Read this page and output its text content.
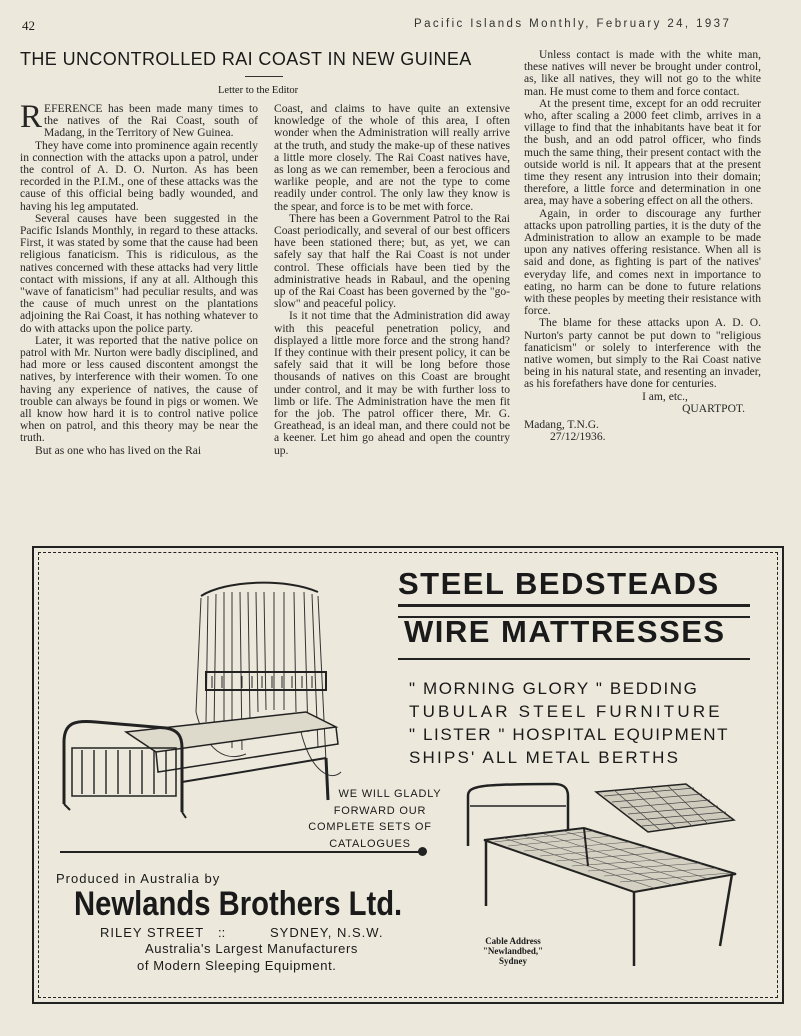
42	Pacific Islands Monthly, February 24, 1937
THE UNCONTROLLED RAI COAST IN NEW GUINEA
Letter to the Editor

REFERENCE has been made many times to the natives of the Rai Coast, south of Madang, in the Territory of New Guinea.

They have come into prominence again recently in connection with the attacks upon a patrol, under the control of A. D. O. Nurton. As has been recorded in the P.I.M., one of these attacks was the cause of this official being badly wounded, and having his leg amputated.

Several causes have been suggested in the Pacific Islands Monthly, in regard to these attacks. First, it was stated by some that the cause had been religious fanaticism. This is ridiculous, as the natives concerned with these attacks had very little contact with missions, if any at all. Although this "wave of fanaticism" had peculiar results, and was the cause of much unrest on the plantations adjoining the Rai Coast, it has nothing whatever to do with attacks upon the police party.

Later, it was reported that the native police on patrol with Mr. Nurton were badly disciplined, and had more or less caused discontent amongst the natives, by interference with their women. To one having any experience of natives, the cause of trouble can always be found in pigs or women. We all know how hard it is to control native police when on patrol, and this theory may be near the truth.

But as one who has lived on the Rai

Coast, and claims to have quite an extensive knowledge of the whole of this area, I often wonder when the Administration will really arrive at the truth, and study the make-up of these natives a little more closely. The Rai Coast natives have, as long as we can remember, been a ferocious and warlike people, and are not the type to come readily under control. The only law they know is the spear, and force is to be met with force.

There has been a Government Patrol to the Rai Coast periodically, and several of our best officers have been stationed there; but, as yet, we can safely say that half the Rai Coast is not under control. These officials have been tied by the administrative heads in Rabaul, and the opening up of the Rai Coast has been governed by the "go-slow" and peaceful policy.

Is it not time that the Administration did away with this peaceful penetration policy, and displayed a little more force and the strong hand? If they continue with their present policy, it can be safely said that it will be long before those thousands of natives on this Coast are brought under control, and it may be with further loss to limb or life. The Administration have the men fit for the job. The patrol officer there, Mr. G. Greathead, is an ideal man, and there could not be a keener. Let him go ahead and open the country up.

Unless contact is made with the white man, these natives will never be brought under control, as, like all natives, they will not go to the white man. He must come to them and force contact.

At the present time, except for an odd recruiter who, after scaling a 2000 feet climb, arrives in a village to find that the inhabitants have beat it for the bush, and an odd patrol officer, who finds much the same thing, their present contact with the outside world is nil. It appears that at the present time they resent any intrusion into their domain; therefore, a little force and determination in one area, may have a sobering effect on all the others.

Again, in order to discourage any further attacks upon patrolling parties, it is the duty of the Administration to allow an example to be made upon any natives offering resistance. When all is said and done, as fighting is part of the natives' everyday life, and comes next in importance to eating, no harm can be done to future relations with these peoples by meeting their resistance with force.

The blame for these attacks upon A. D. O. Nurton's party cannot be put down to "religious fanaticism" or solely to interference with the native women, but simply to the Rai Coast native being in his natural state, and resenting an invader, as his forefathers have done for centuries.

I am, etc.,
QUARTPOT.

Madang, T.N.G.
27/12/1936.
STEEL BEDSTEADS
WIRE MATTRESSES
" MORNING GLORY " BEDDING
TUBULAR STEEL FURNITURE
" LISTER " HOSPITAL EQUIPMENT
SHIPS' ALL METAL BERTHS
WE WILL GLADLY
FORWARD OUR
COMPLETE SETS OF CATALOGUES
Produced in Australia by
Newlands Brothers Ltd.
RILEY STREET ::	SYDNEY, N.S.W.
Australia's Largest Manufacturers
of Modern Sleeping Equipment.
Cable Address
"Newlandbed,"
Sydney
